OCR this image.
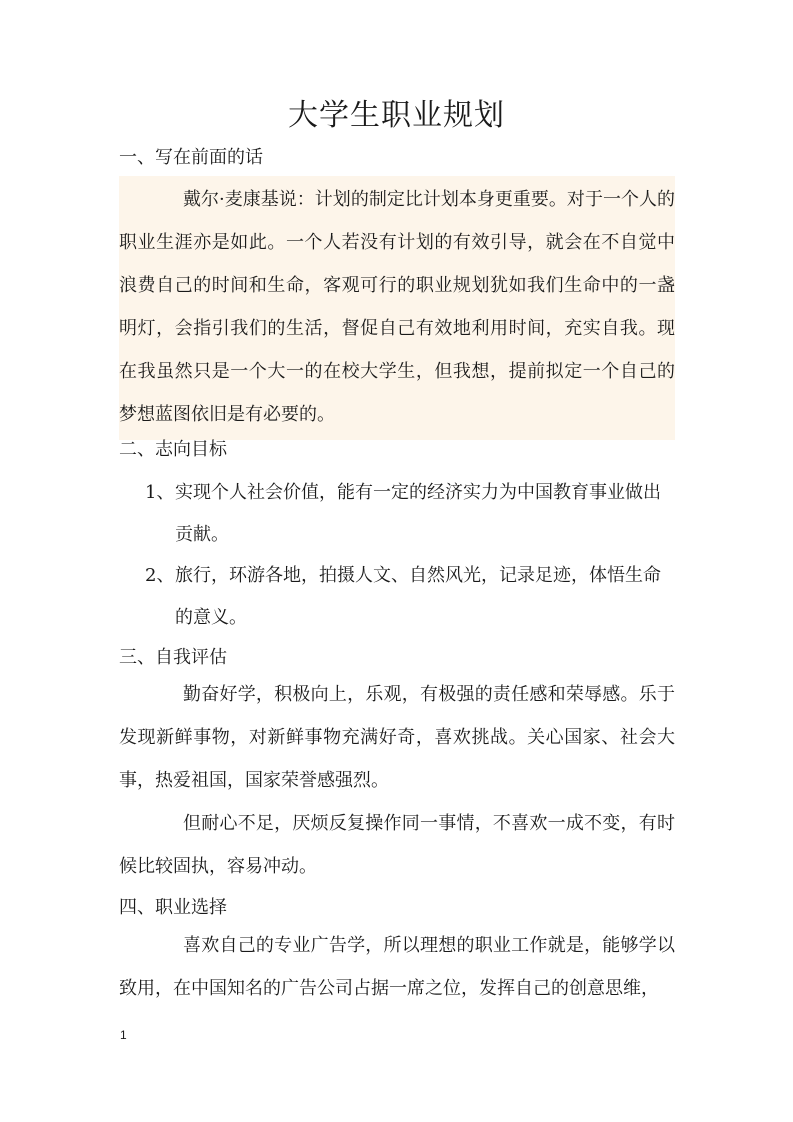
大学生职业规划
一、写在前面的话
戴尔·麦康基说：计划的制定比计划本身更重要。对于一个人的职业生涯亦是如此。一个人若没有计划的有效引导，就会在不自觉中浪费自己的时间和生命，客观可行的职业规划犹如我们生命中的一盏明灯，会指引我们的生活，督促自己有效地利用时间，充实自我。现在我虽然只是一个大一的在校大学生，但我想，提前拟定一个自己的梦想蓝图依旧是有必要的。
二、志向目标
1、实现个人社会价值，能有一定的经济实力为中国教育事业做出
贡献。
2、旅行，环游各地，拍摄人文、自然风光，记录足迹，体悟生命
的意义。
三、自我评估
勤奋好学，积极向上，乐观，有极强的责任感和荣辱感。乐于发现新鲜事物，对新鲜事物充满好奇，喜欢挑战。关心国家、社会大事，热爱祖国，国家荣誉感强烈。
但耐心不足，厌烦反复操作同一事情，不喜欢一成不变，有时候比较固执，容易冲动。
四、职业选择
喜欢自己的专业广告学，所以理想的职业工作就是，能够学以致用，在中国知名的广告公司占据一席之位，发挥自己的创意思维，
1
